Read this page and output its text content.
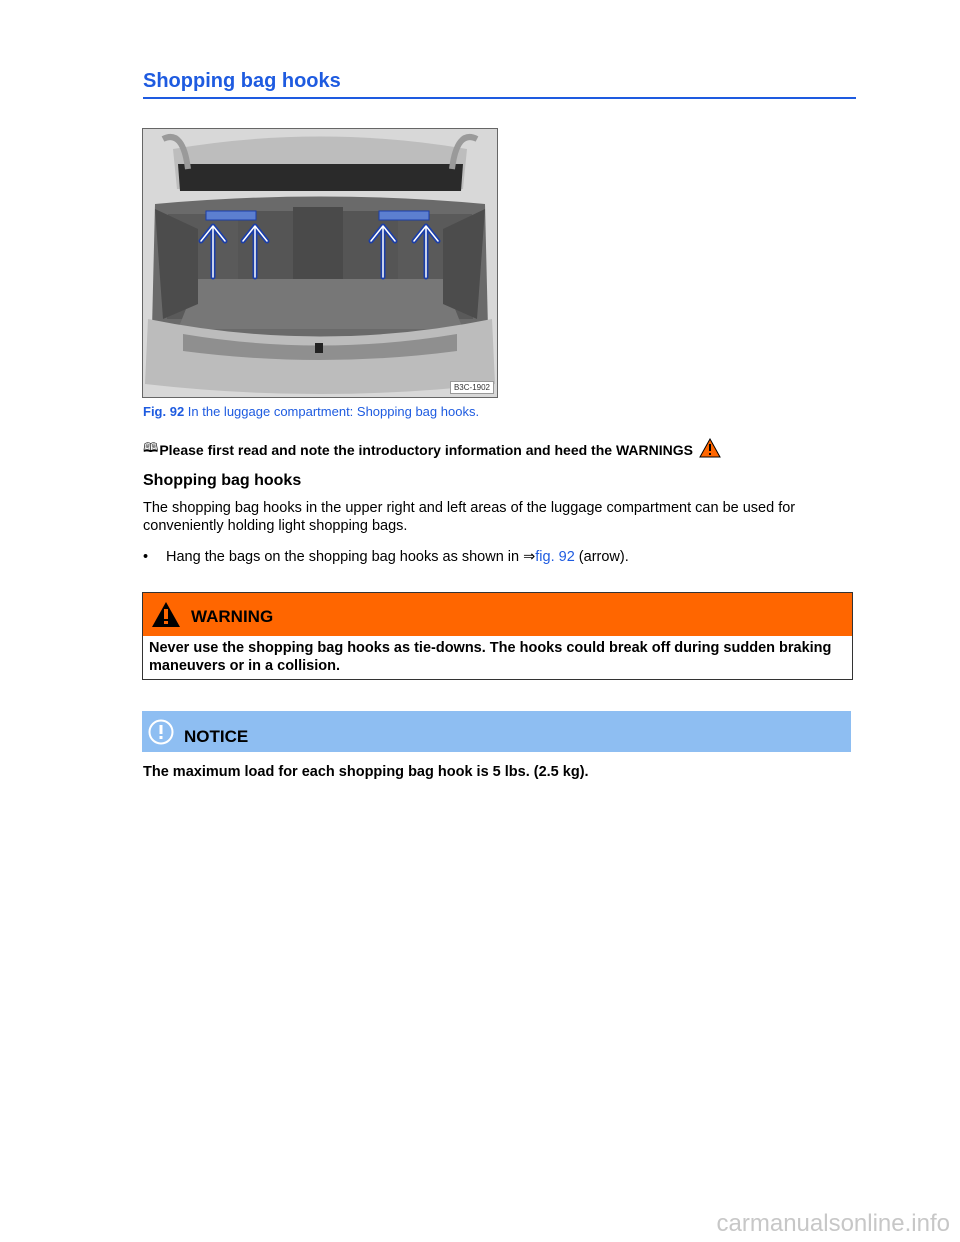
Shopping bag hooks
B3C-1902
Fig. 92 In the luggage compartment: Shopping bag hooks.
🕮 Please first read and note the introductory information and heed the WARNINGS
Shopping bag hooks
The shopping bag hooks in the upper right and left areas of the luggage compartment can be used for conveniently holding light shopping bags.
•	Hang the bags on the shopping bag hooks as shown in ⇒fig. 92 (arrow).
WARNING
Never use the shopping bag hooks as tie-downs. The hooks could break off during sudden braking maneuvers or in a collision.
NOTICE
The maximum load for each shopping bag hook is 5 lbs. (2.5 kg).
carmanualsonline.info
